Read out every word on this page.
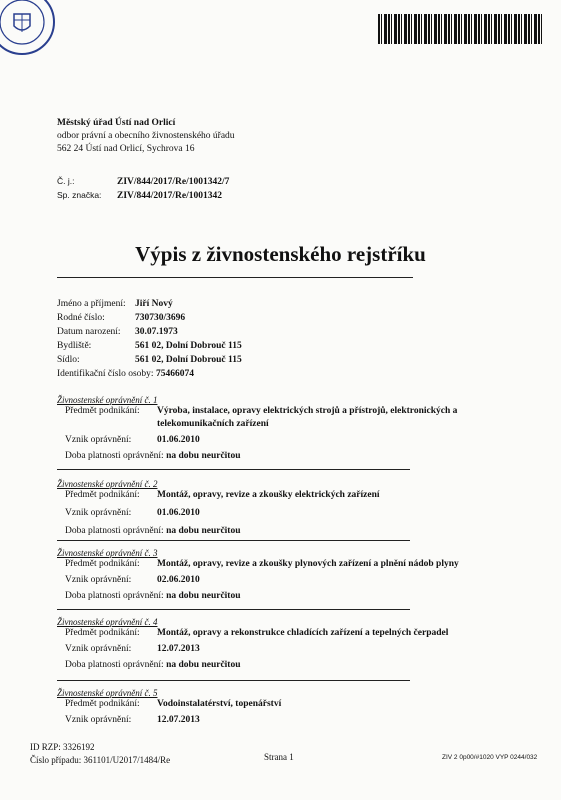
Městský úřad Ústí nad Orlicí
odbor právní a obecního živnostenského úřadu
562 24 Ústí nad Orlicí, Sychrova 16
Č. j.:	ZIV/844/2017/Re/1001342/7
Sp. značka: ZIV/844/2017/Re/1001342
Výpis z živnostenského rejstříku
Jméno a příjmení: Jiří Nový
Rodné číslo:	730730/3696
Datum narození: 30.07.1973
Bydliště:	561 02, Dolní Dobrouč 115
Sídlo:	561 02, Dolní Dobrouč 115
Identifikační číslo osoby: 75466074
Živnostenské oprávnění č. 1
Předmět podnikání: Výroba, instalace, opravy elektrických strojů a přístrojů, elektronických a telekomunikačních zařízení
Vznik oprávnění:	01.06.2010
Doba platnosti oprávnění: na dobu neurčitou
Živnostenské oprávnění č. 2
Předmět podnikání: Montáž, opravy, revize a zkoušky elektrických zařízení
Vznik oprávnění:	01.06.2010
Doba platnosti oprávnění: na dobu neurčitou
Živnostenské oprávnění č. 3
Předmět podnikání: Montáž, opravy, revize a zkoušky plynových zařízení a plnění nádob plyny
Vznik oprávnění:	02.06.2010
Doba platnosti oprávnění: na dobu neurčitou
Živnostenské oprávnění č. 4
Předmět podnikání: Montáž, opravy a rekonstrukce chladících zařízení a tepelných čerpadel
Vznik oprávnění:	12.07.2013
Doba platnosti oprávnění: na dobu neurčitou
Živnostenské oprávnění č. 5
Předmět podnikání: Vodoinstalatérství, topenářství
Vznik oprávnění:	12.07.2013
ID RZP: 3326192
Číslo případu: 361101/U2017/1484/Re	Strana 1	ZIV 2 0p00/#1020 VYP 0244/032
